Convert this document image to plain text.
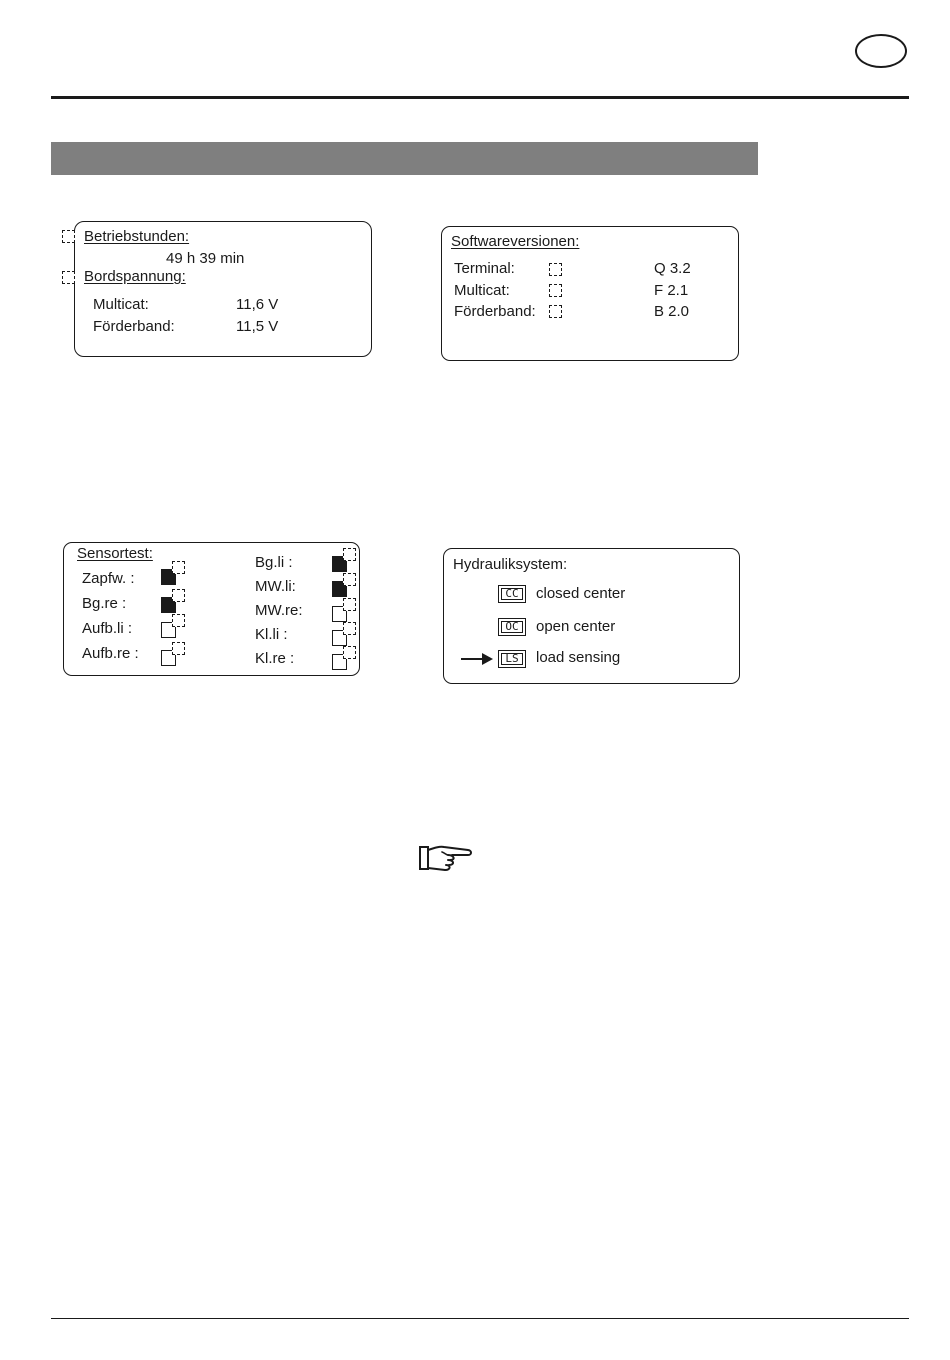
Betriebstunden:
49 h 39 min
Bordspannung:
Multicat:	11,6 V
Förderband:	11,5 V
Softwareversionen:
Terminal:	Q 3.2
Multicat:	F 2.1
Förderband:	B 2.0
Sensortest:
Zapfw. :
Bg.re :
Aufb.li :
Aufb.re :
Bg.li :
MW.li:
MW.re:
Kl.li :
Kl.re :
Hydrauliksystem:
CC	closed center
OC	open center
LS	load sensing
